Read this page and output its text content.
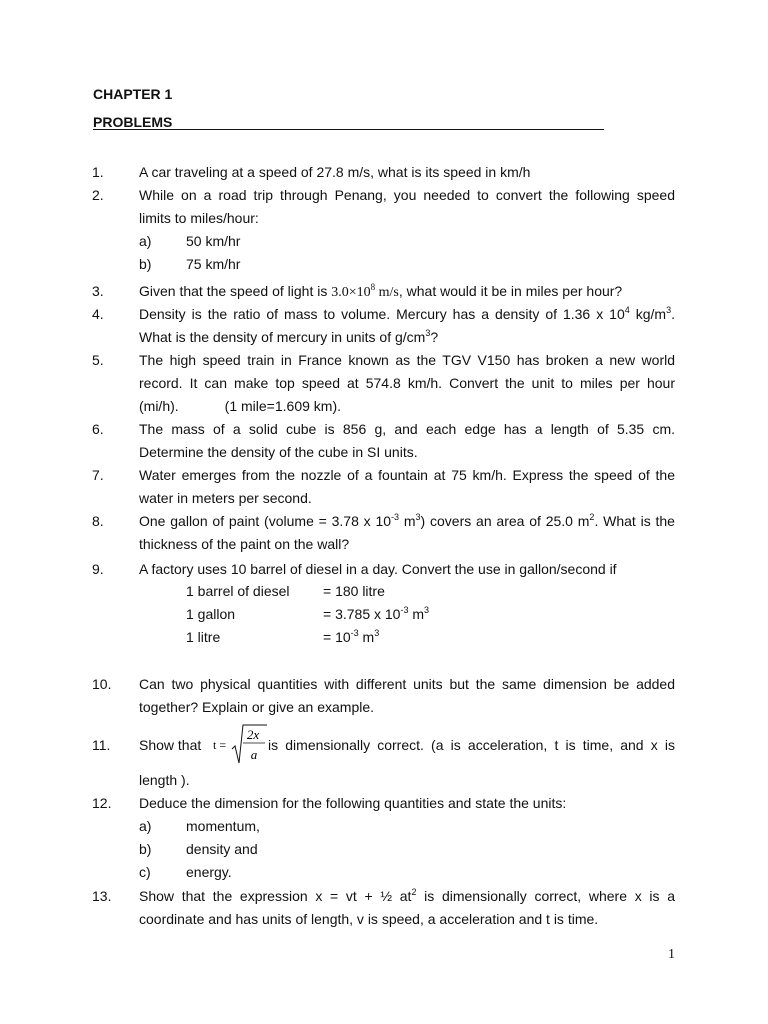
CHAPTER 1
PROBLEMS
1.	A car traveling at a speed of 27.8 m/s, what is its speed in km/h
2.	While on a road trip through Penang, you needed to convert the following speed
limits to miles/hour:
a) 50 km/hr
b) 75 km/hr
3.	Given that the speed of light is $3.0\times 10^8$ m/s, what would it be in miles per hour?
4.	Density is the ratio of mass to volume. Mercury has a density of 1.36 x $10^4$ $kg/m^3$.
What is the density of mercury in units of $g/cm^3$?
5.	The high speed train in France known as the TGV V150 has broken a new world
record. It can make top speed at 574.8 km/h. Convert the unit to miles per hour
(mi/h).	(1 mile=1.609 km).
6.	The mass of a solid cube is 856 g, and each edge has a length of 5.35 cm.
Determine the density of the cube in SI units.
7.	Water emerges from the nozzle of a fountain at 75 km/h. Express the speed of the
water in meters per second.
8.	One gallon of paint (volume = 3.78 x $10^{-3}$ $m^3$) covers an area of 25.0 $m^2$. What is the
thickness of the paint on the wall?
9.	A factory uses 10 barrel of diesel in a day. Convert the use in gallon/second if
1 barrel of diesel = 180 litre
1 gallon	= 3.785 x $10^{-3}$ $m^3$
1 litre	= $10^{-3}$ $m^3$
10. Can two physical quantities with different units but the same dimension be added
together? Explain or give an example.
11. Show that t =
2x
a
is dimensionally correct. (a is acceleration, t is time, and x is
length ).
12. Deduce the dimension for the following quantities and state the units:
a) momentum,
b) density and
c)	energy.
13. Show that the expression x = vt + ½ $at^2$ is dimensionally correct, where x is a
coordinate and has units of length, v is speed, a acceleration and t is time.
1
